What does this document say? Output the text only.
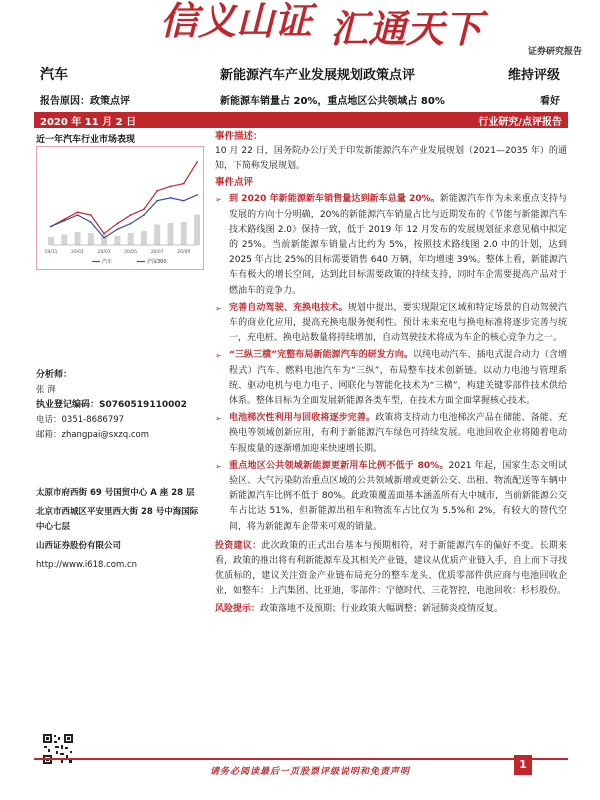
信义山证 汇通天下
证券研究报告
汽车	新能源汽车产业发展规划政策点评	维持评级
报告原因：政策点评	新能源车销量占 20%，重点地区公共领域占 80%	看好
2020 年 11 月 2 日	行业研究/点评报告
近一年汽车行业市场表现
19/11	20/01	20/03	20/05	20/07	20/09
汽车	沪深300
分析师：
张 湃
执业登记编码：S0760519110002
电话：0351-8686797
邮箱：zhangpai@sxzq.com
太原市府西街 69 号国贸中心 A 座 28 层
北京市西城区平安里西大街 28 号中海国际中心七层
山西证券股份有限公司
http://www.i618.com.cn
事件描述：
10 月 22 日，国务院办公厅关于印发新能源汽车产业发展规划（2021—2035 年）的通知，下简称发展规划。
事件点评
➢ 到 2020 年新能源新车销售量达到新车总量 20%。新能源汽车作为未来重点支持与发展的方向十分明确，20%的新能源汽车销量占比与近期发布的《节能与新能源汽车技术路线图 2.0》保持一致，低于 2019 年 12 月发布的发展规划征求意见稿中拟定的 25%。当前新能源车销量占比约为 5%，按照技术路线图 2.0 中的计划，达到 2025 年占比 25%的目标需要销售 640 万辆，年均增速 39%。整体上看，新能源汽车有极大的增长空间，达到此目标需要政策的持续支持，同时车企需要提高产品对于燃油车的竞争力。
➢ 完善自动驾驶、充换电技术。规划中提出，要实现限定区域和特定场景的自动驾驶汽车的商业化应用，提高充换电服务便利性。预计未来充电与换电标准将逐步完善与统一，充电桩、换电站数量将持续增加，自动驾驶技术将成为车企的核心竞争力之一。
➢ “三纵三横”完整布局新能源汽车的研发方向。以纯电动汽车、插电式混合动力（含增程式）汽车、燃料电池汽车为“三纵”，布局整车技术创新链。以动力电池与管理系统、驱动电机与电力电子、网联化与智能化技术为“三横”，构建关键零部件技术供给体系。整体目标为全面发展新能源各类车型，在技术方面全面掌握核心技术。
➢ 电池梯次性利用与回收将逐步完善。政策将支持动力电池梯次产品在储能、备能、充换电等领域创新应用，有利于新能源汽车绿色可持续发展。电池回收企业将随着电动车报废量的逐渐增加迎来快速增长期。
➢ 重点地区公共领域新能源更新用车比例不低于 80%。2021 年起，国家生态文明试验区、大气污染防治重点区域的公共领域新增或更新公交、出租、物流配送等车辆中新能源汽车比例不低于 80%。此政策覆盖面基本涵盖所有大中城市，当前新能源公交车占比达 51%，但新能源出租车和物流车占比仅为 5.5%和 2%，有较大的替代空间，将为新能源车企带来可观的销量。
投资建议：此次政策的正式出台基本与预期相符，对于新能源汽车的偏好不变。长期来看，政策的推出将有利新能源车及其相关产业链，建议从优质产业链入手，自上而下寻找优质标的，建议关注资金产业链布局充分的整车龙头、优质零部件供应商与电池回收企业，如整车：上汽集团、比亚迪，零部件：宁德时代、三花智控，电池回收：杉杉股份。
风险提示：政策落地不及预期；行业政策大幅调整；新冠肺炎疫情反复。
请务必阅读最后一页股票评级说明和免责声明
1
